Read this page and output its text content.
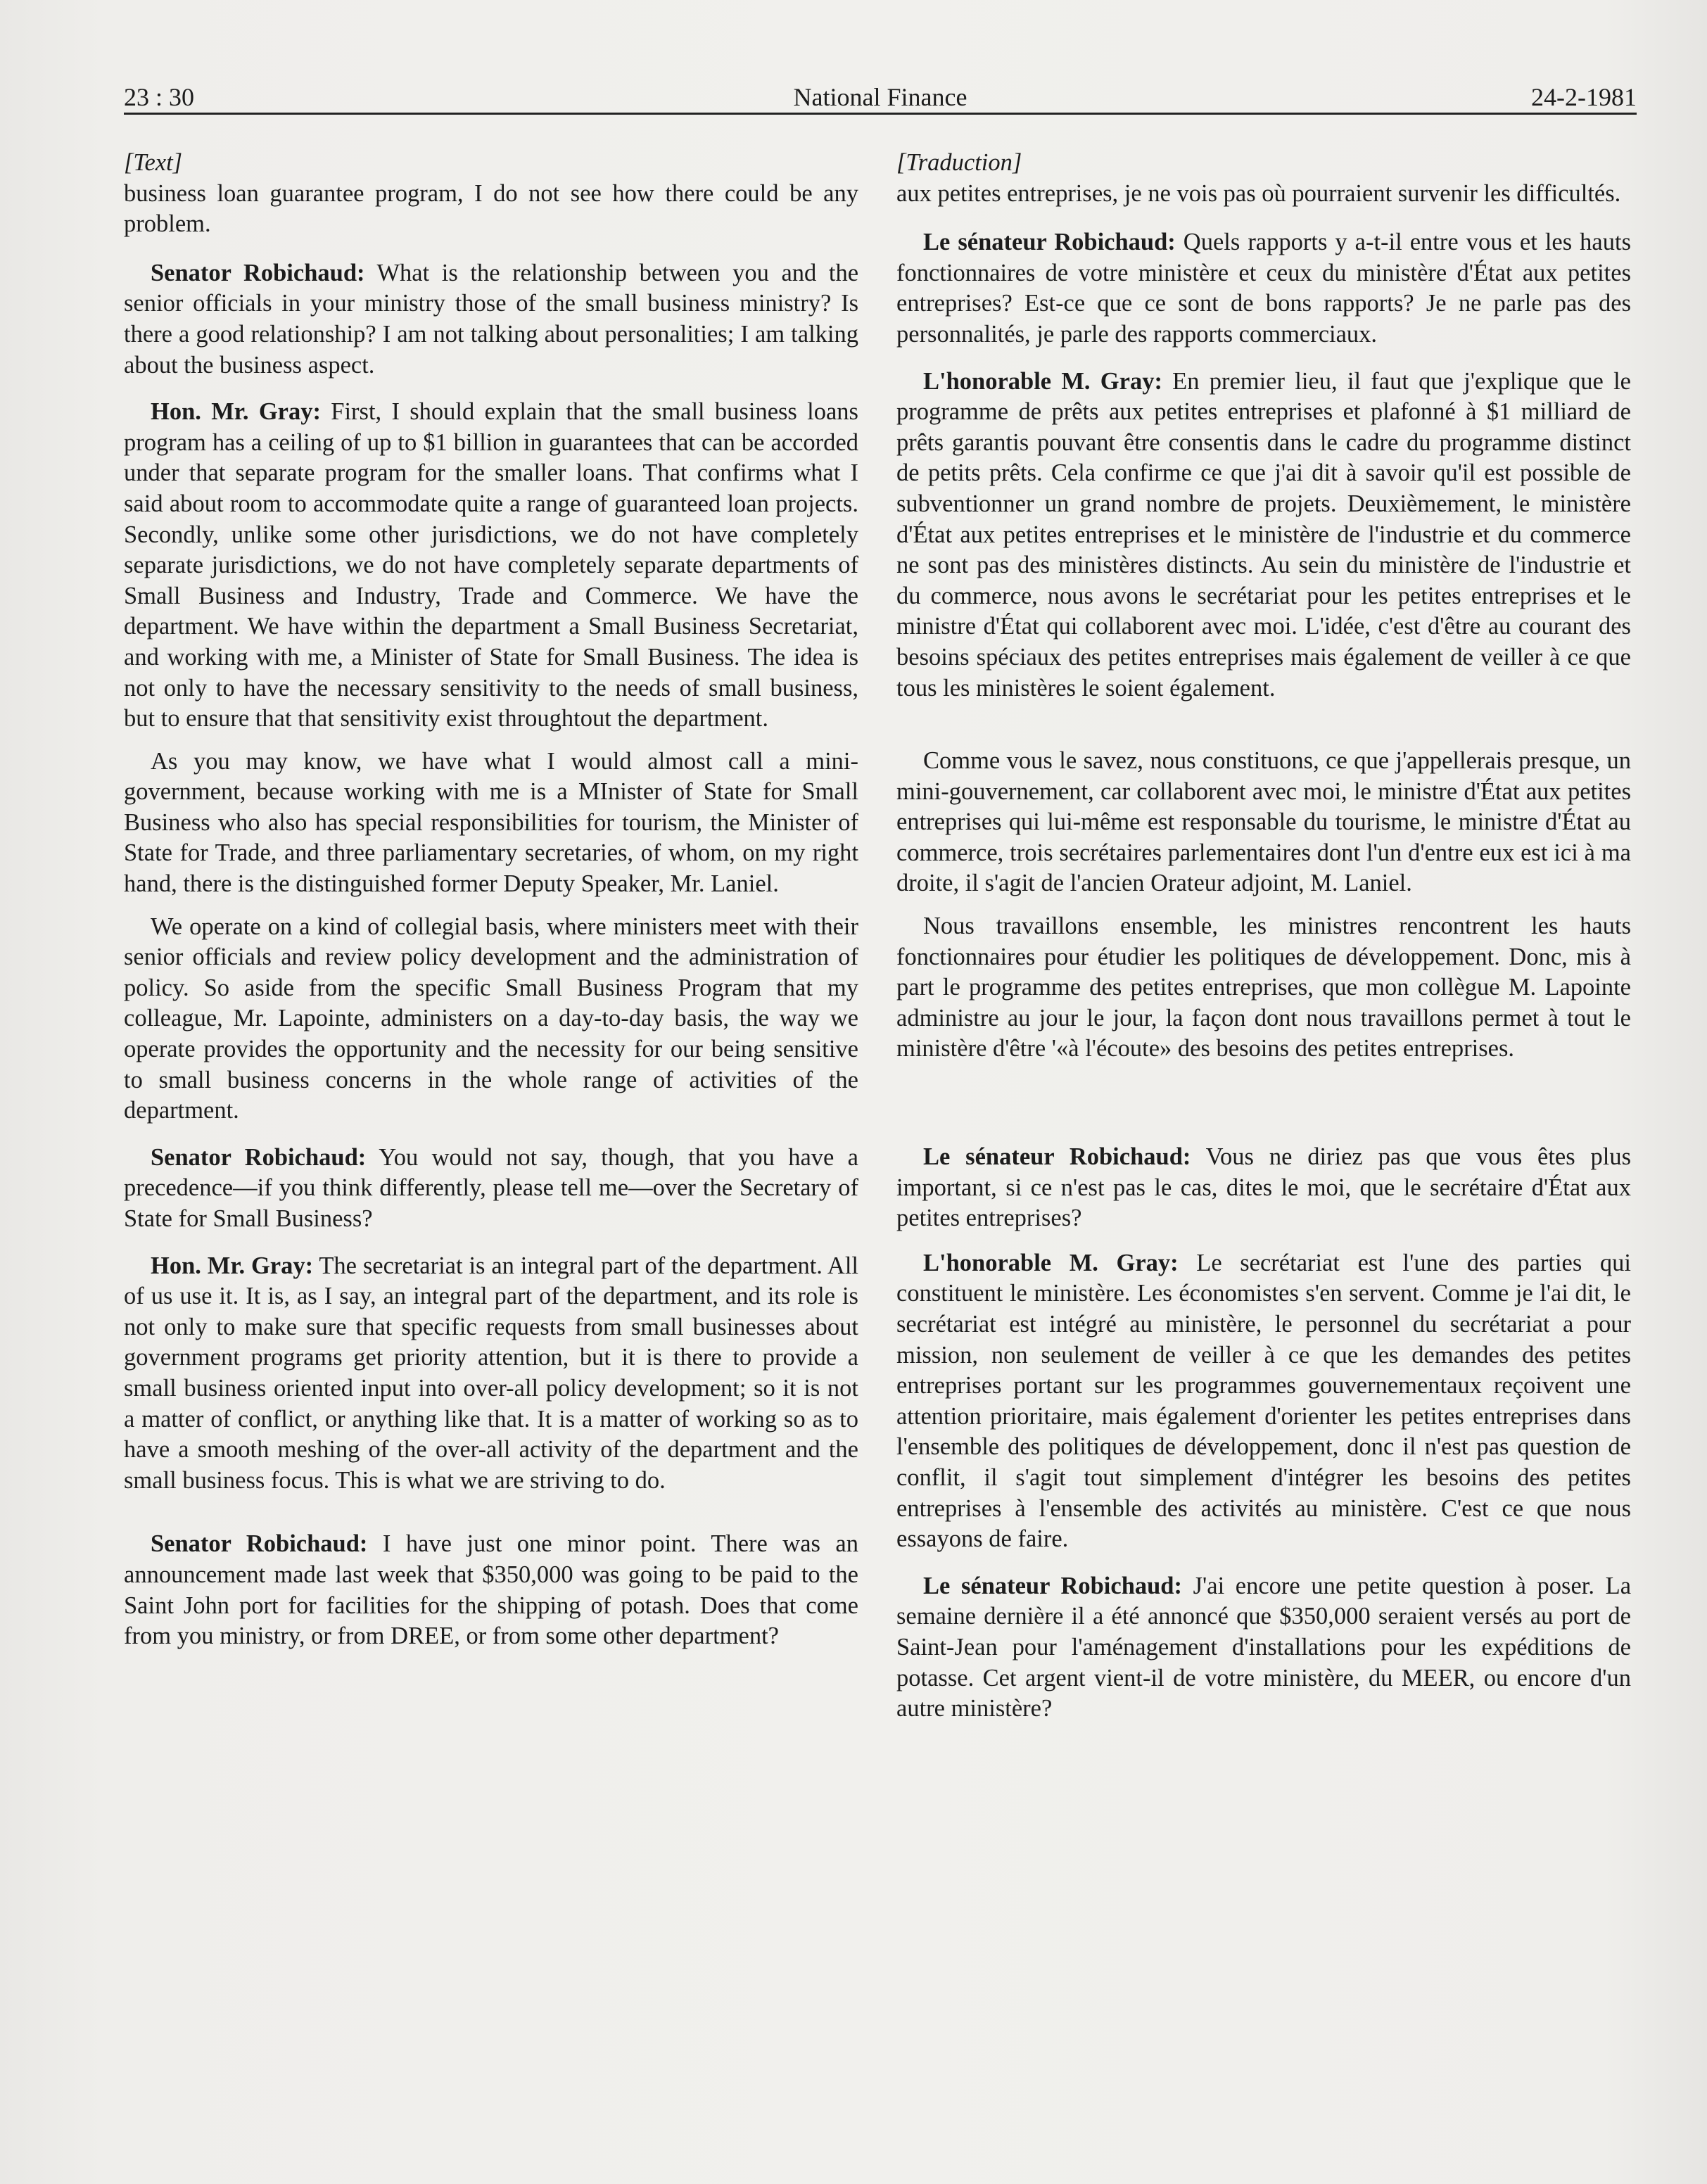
23 : 30	National Finance	24-2-1981

[Text]

business loan guarantee program, I do not see how there could be any problem.

Senator Robichaud: What is the relationship between you and the senior officials in your ministry those of the small business ministry? Is there a good relationship? I am not talking about personalities; I am talking about the business aspect.

Hon. Mr. Gray: First, I should explain that the small business loans program has a ceiling of up to $1 billion in guarantees that can be accorded under that separate program for the smaller loans. That confirms what I said about room to accommodate quite a range of guaranteed loan projects. Secondly, unlike some other jurisdictions, we do not have completely separate jurisdictions, we do not have completely separate departments of Small Business and Industry, Trade and Commerce. We have the department. We have within the department a Small Business Secretariat, and working with me, a Minister of State for Small Business. The idea is not only to have the necessary sensitivity to the needs of small business, but to ensure that that sensitivity exist throughtout the department.

As you may know, we have what I would almost call a mini-government, because working with me is a MInister of State for Small Business who also has special responsibilities for tourism, the Minister of State for Trade, and three parliamentary secretaries, of whom, on my right hand, there is the distinguished former Deputy Speaker, Mr. Laniel.

We operate on a kind of collegial basis, where ministers meet with their senior officials and review policy development and the administration of policy. So aside from the specific Small Business Program that my colleague, Mr. Lapointe, administers on a day-to-day basis, the way we operate provides the opportunity and the necessity for our being sensitive to small business concerns in the whole range of activities of the department.

Senator Robichaud: You would not say, though, that you have a precedence—if you think differently, please tell me—over the Secretary of State for Small Business?

Hon. Mr. Gray: The secretariat is an integral part of the department. All of us use it. It is, as I say, an integral part of the department, and its role is not only to make sure that specific requests from small businesses about government programs get priority attention, but it is there to provide a small business oriented input into over-all policy development; so it is not a matter of conflict, or anything like that. It is a matter of working so as to have a smooth meshing of the over-all activity of the department and the small business focus. This is what we are striving to do.

Senator Robichaud: I have just one minor point. There was an announcement made last week that $350,000 was going to be paid to the Saint John port for facilities for the shipping of potash. Does that come from you ministry, or from DREE, or from some other department?

[Traduction]

aux petites entreprises, je ne vois pas où pourraient survenir les difficultés.

Le sénateur Robichaud: Quels rapports y a-t-il entre vous et les hauts fonctionnaires de votre ministère et ceux du ministère d'État aux petites entreprises? Est-ce que ce sont de bons rapports? Je ne parle pas des personnalités, je parle des rapports commerciaux.

L'honorable M. Gray: En premier lieu, il faut que j'explique que le programme de prêts aux petites entreprises et plafonné à $1 milliard de prêts garantis pouvant être consentis dans le cadre du programme distinct de petits prêts. Cela confirme ce que j'ai dit à savoir qu'il est possible de subventionner un grand nombre de projets. Deuxièmement, le ministère d'État aux petites entreprises et le ministère de l'industrie et du commerce ne sont pas des ministères distincts. Au sein du ministère de l'industrie et du commerce, nous avons le secrétariat pour les petites entreprises et le ministre d'État qui collaborent avec moi. L'idée, c'est d'être au courant des besoins spéciaux des petites entreprises mais également de veiller à ce que tous les ministères le soient également.

Comme vous le savez, nous constituons, ce que j'appellerais presque, un mini-gouvernement, car collaborent avec moi, le ministre d'État aux petites entreprises qui lui-même est responsable du tourisme, le ministre d'État au commerce, trois secrétaires parlementaires dont l'un d'entre eux est ici à ma droite, il s'agit de l'ancien Orateur adjoint, M. Laniel.

Nous travaillons ensemble, les ministres rencontrent les hauts fonctionnaires pour étudier les politiques de développement. Donc, mis à part le programme des petites entreprises, que mon collègue M. Lapointe administre au jour le jour, la façon dont nous travaillons permet à tout le ministère d'être '«à l'écoute» des besoins des petites entreprises.

Le sénateur Robichaud: Vous ne diriez pas que vous êtes plus important, si ce n'est pas le cas, dites le moi, que le secrétaire d'État aux petites entreprises?

L'honorable M. Gray: Le secrétariat est l'une des parties qui constituent le ministère. Les économistes s'en servent. Comme je l'ai dit, le secrétariat est intégré au ministère, le personnel du secrétariat a pour mission, non seulement de veiller à ce que les demandes des petites entreprises portant sur les programmes gouvernementaux reçoivent une attention prioritaire, mais également d'orienter les petites entreprises dans l'ensemble des politiques de développement, donc il n'est pas question de conflit, il s'agit tout simplement d'intégrer les besoins des petites entreprises à l'ensemble des activités au ministère. C'est ce que nous essayons de faire.

Le sénateur Robichaud: J'ai encore une petite question à poser. La semaine dernière il a été annoncé que $350,000 seraient versés au port de Saint-Jean pour l'aménagement d'installations pour les expéditions de potasse. Cet argent vient-il de votre ministère, du MEER, ou encore d'un autre ministère?
